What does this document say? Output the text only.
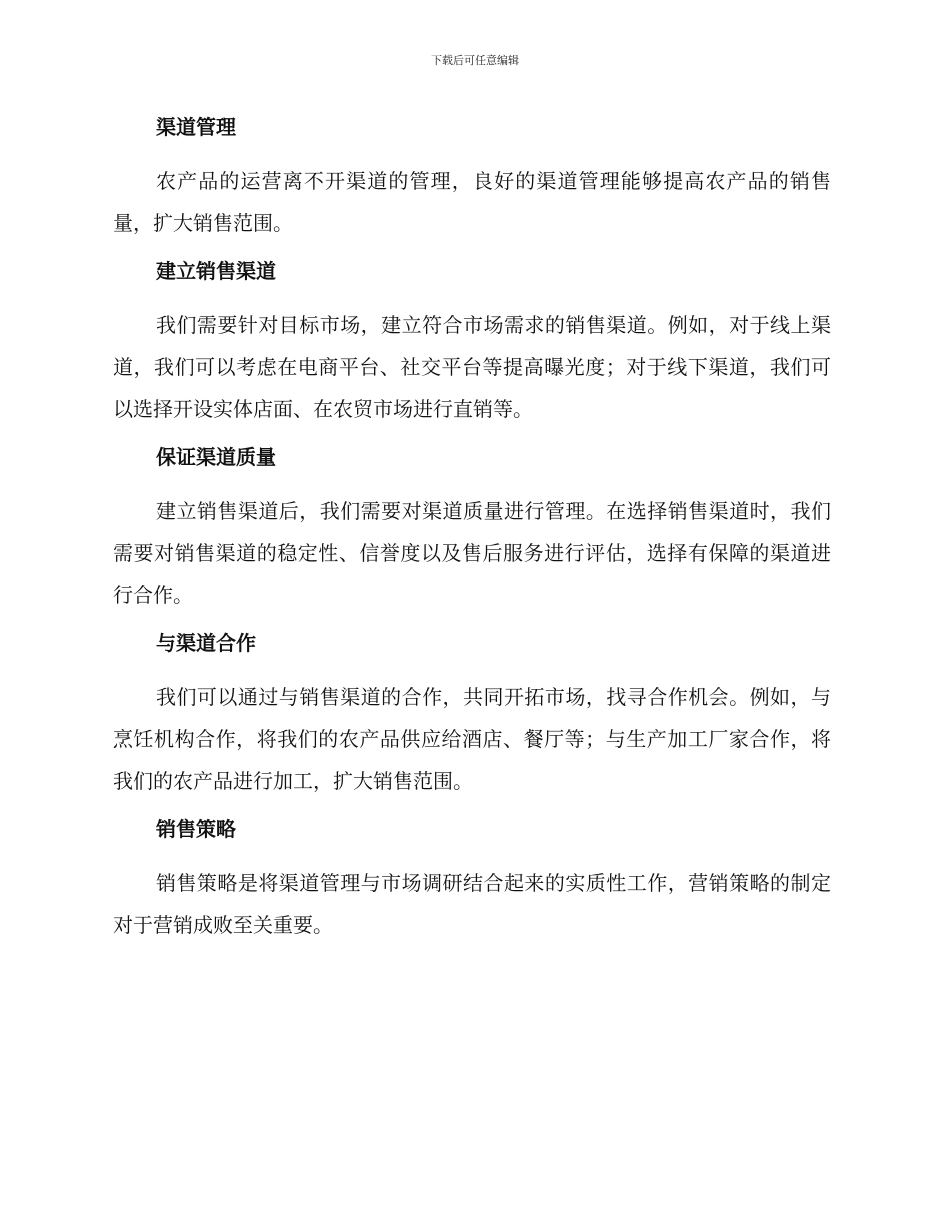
下载后可任意编辑
渠道管理

农产品的运营离不开渠道的管理，良好的渠道管理能够提高农产品的销售量，扩大销售范围。

建立销售渠道

我们需要针对目标市场，建立符合市场需求的销售渠道。例如，对于线上渠道，我们可以考虑在电商平台、社交平台等提高曝光度；对于线下渠道，我们可以选择开设实体店面、在农贸市场进行直销等。

保证渠道质量

建立销售渠道后，我们需要对渠道质量进行管理。在选择销售渠道时，我们需要对销售渠道的稳定性、信誉度以及售后服务进行评估，选择有保障的渠道进行合作。

与渠道合作

我们可以通过与销售渠道的合作，共同开拓市场，找寻合作机会。例如，与烹饪机构合作，将我们的农产品供应给酒店、餐厅等；与生产加工厂家合作，将我们的农产品进行加工，扩大销售范围。

销售策略

销售策略是将渠道管理与市场调研结合起来的实质性工作，营销策略的制定对于营销成败至关重要。
